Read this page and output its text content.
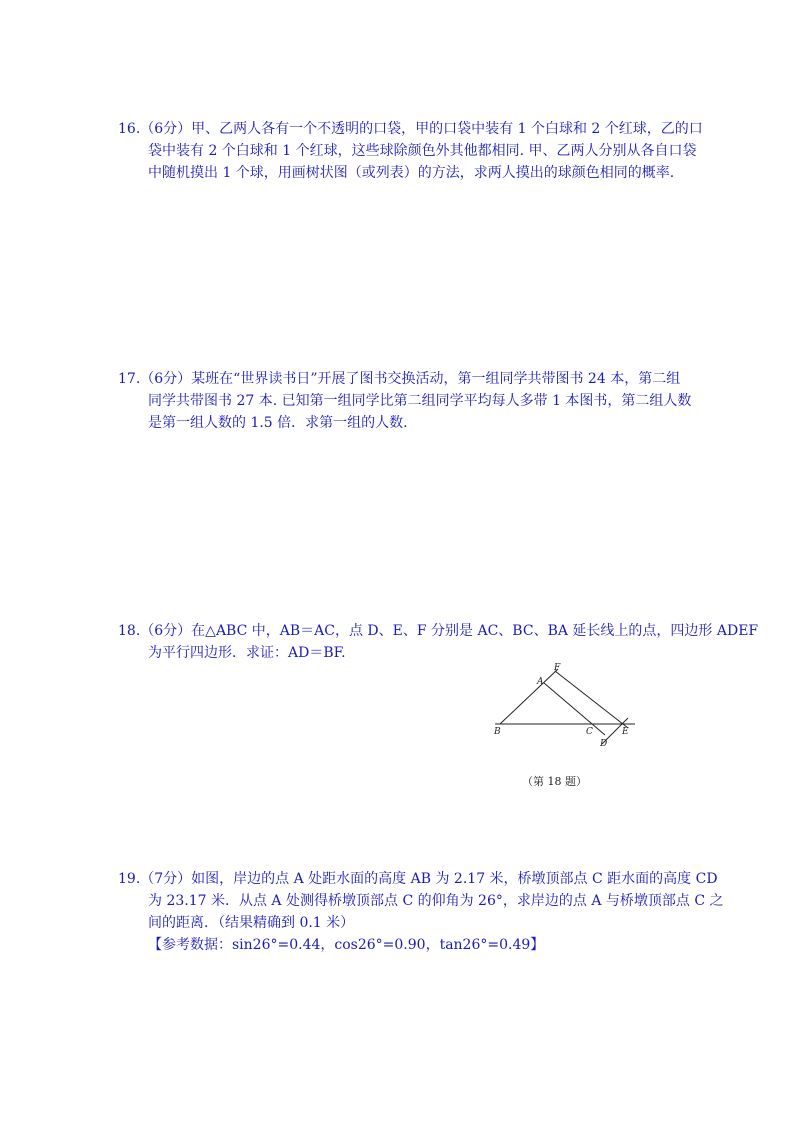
16.（6分）甲、乙两人各有一个不透明的口袋，甲的口袋中装有 1 个白球和 2 个红球，乙的口
袋中装有 2 个白球和 1 个红球，这些球除颜色外其他都相同. 甲、乙两人分别从各自口袋
中随机摸出 1 个球，用画树状图（或列表）的方法，求两人摸出的球颜色相同的概率.
17.（6分）某班在“世界读书日”开展了图书交换活动，第一组同学共带图书 24 本，第二组
同学共带图书 27 本. 已知第一组同学比第二组同学平均每人多带 1 本图书，第二组人数
是第一组人数的 1.5 倍．求第一组的人数.
18.（6分）在△ABC 中，AB＝AC，点 D、E、F 分别是 AC、BC、BA 延长线上的点，四边形 ADEF
为平行四边形．求证：AD＝BF.
F
A
B	C	E
D
（第 18 题）
19.（7分）如图，岸边的点 A 处距水面的高度 AB 为 2.17 米，桥墩顶部点 C 距水面的高度 CD
为 23.17 米．从点 A 处测得桥墩顶部点 C 的仰角为 26°，求岸边的点 A 与桥墩顶部点 C 之
间的距离．（结果精确到 0.1 米）
【参考数据：sin26°=0.44，cos26°=0.90，tan26°=0.49】
